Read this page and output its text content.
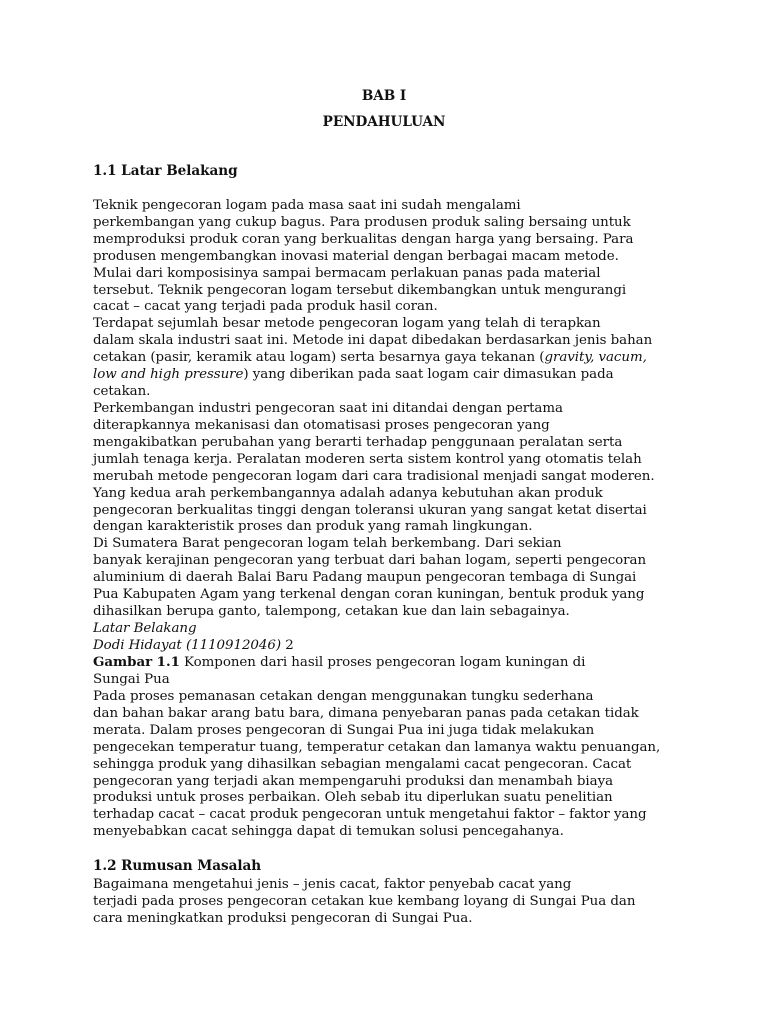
BAB I
PENDAHULUAN
1.1 Latar Belakang
Teknik pengecoran logam pada masa saat ini sudah mengalami
perkembangan yang cukup bagus. Para produsen produk saling bersaing untuk
memproduksi produk coran yang berkualitas dengan harga yang bersaing. Para
produsen mengembangkan inovasi material dengan berbagai macam metode.
Mulai dari komposisinya sampai bermacam perlakuan panas pada material
tersebut. Teknik pengecoran logam tersebut dikembangkan untuk mengurangi
cacat – cacat yang terjadi pada produk hasil coran.
Terdapat sejumlah besar metode pengecoran logam yang telah di terapkan
dalam skala industri saat ini. Metode ini dapat dibedakan berdasarkan jenis bahan
cetakan (pasir, keramik atau logam) serta besarnya gaya tekanan (gravity, vacum,
low and high pressure) yang diberikan pada saat logam cair dimasukan pada
cetakan.
Perkembangan industri pengecoran saat ini ditandai dengan pertama
diterapkannya mekanisasi dan otomatisasi proses pengecoran yang
mengakibatkan perubahan yang berarti terhadap penggunaan peralatan serta
jumlah tenaga kerja. Peralatan moderen serta sistem kontrol yang otomatis telah
merubah metode pengecoran logam dari cara tradisional menjadi sangat moderen.
Yang kedua arah perkembangannya adalah adanya kebutuhan akan produk
pengecoran berkualitas tinggi dengan toleransi ukuran yang sangat ketat disertai
dengan karakteristik proses dan produk yang ramah lingkungan.
Di Sumatera Barat pengecoran logam telah berkembang. Dari sekian
banyak kerajinan pengecoran yang terbuat dari bahan logam, seperti pengecoran
aluminium di daerah Balai Baru Padang maupun pengecoran tembaga di Sungai
Pua Kabupaten Agam yang terkenal dengan coran kuningan, bentuk produk yang
dihasilkan berupa ganto, talempong, cetakan kue dan lain sebagainya.
Latar Belakang
Dodi Hidayat (1110912046) 2
Gambar 1.1 Komponen dari hasil proses pengecoran logam kuningan di
Sungai Pua
Pada proses pemanasan cetakan dengan menggunakan tungku sederhana
dan bahan bakar arang batu bara, dimana penyebaran panas pada cetakan tidak
merata. Dalam proses pengecoran di Sungai Pua ini juga tidak melakukan
pengecekan temperatur tuang, temperatur cetakan dan lamanya waktu penuangan,
sehingga produk yang dihasilkan sebagian mengalami cacat pengecoran. Cacat
pengecoran yang terjadi akan mempengaruhi produksi dan menambah biaya
produksi untuk proses perbaikan. Oleh sebab itu diperlukan suatu penelitian
terhadap cacat – cacat produk pengecoran untuk mengetahui faktor – faktor yang
menyebabkan cacat sehingga dapat di temukan solusi pencegahanya.
1.2 Rumusan Masalah
Bagaimana mengetahui jenis – jenis cacat, faktor penyebab cacat yang
terjadi pada proses pengecoran cetakan kue kembang loyang di Sungai Pua dan
cara meningkatkan produksi pengecoran di Sungai Pua.
